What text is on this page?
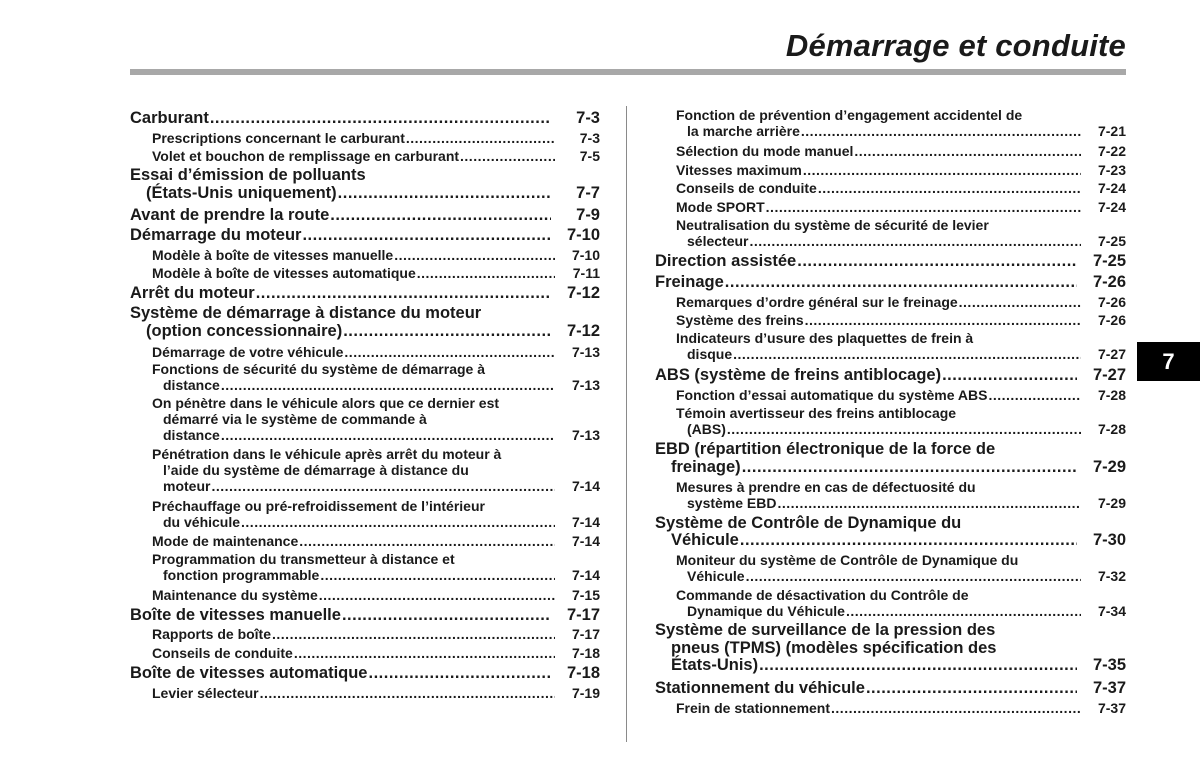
Démarrage et conduite
7
Carburant .....	7-3
Prescriptions concernant le carburant .....	7-3
Volet et bouchon de remplissage en carburant .....	7-5
Essai d’émission de polluants
(États-Unis uniquement) .....	7-7
Avant de prendre la route .....	7-9
Démarrage du moteur .....	7-10
Modèle à boîte de vitesses manuelle .....	7-10
Modèle à boîte de vitesses automatique .....	7-11
Arrêt du moteur .....	7-12
Système de démarrage à distance du moteur
(option concessionnaire) .....	7-12
Démarrage de votre véhicule .....	7-13
Fonctions de sécurité du système de démarrage à
distance .....	7-13
On pénètre dans le véhicule alors que ce dernier est
démarré via le système de commande à
distance .....	7-13
Pénétration dans le véhicule après arrêt du moteur à
l’aide du système de démarrage à distance du
moteur .....	7-14
Préchauffage ou pré-refroidissement de l’intérieur
du véhicule .....	7-14
Mode de maintenance .....	7-14
Programmation du transmetteur à distance et
fonction programmable .....	7-14
Maintenance du système .....	7-15
Boîte de vitesses manuelle .....	7-17
Rapports de boîte .....	7-17
Conseils de conduite .....	7-18
Boîte de vitesses automatique .....	7-18
Levier sélecteur .....	7-19
Fonction de prévention d’engagement accidentel de
la marche arrière .....	7-21
Sélection du mode manuel .....	7-22
Vitesses maximum .....	7-23
Conseils de conduite .....	7-24
Mode SPORT .....	7-24
Neutralisation du système de sécurité de levier
sélecteur .....	7-25
Direction assistée .....	7-25
Freinage .....	7-26
Remarques d’ordre général sur le freinage .....	7-26
Système des freins .....	7-26
Indicateurs d’usure des plaquettes de frein à
disque .....	7-27
ABS (système de freins antiblocage) .....	7-27
Fonction d’essai automatique du système ABS .....	7-28
Témoin avertisseur des freins antiblocage
(ABS) .....	7-28
EBD (répartition électronique de la force de
freinage) .....	7-29
Mesures à prendre en cas de défectuosité du
système EBD .....	7-29
Système de Contrôle de Dynamique du
Véhicule .....	7-30
Moniteur du système de Contrôle de Dynamique du
Véhicule .....	7-32
Commande de désactivation du Contrôle de
Dynamique du Véhicule .....	7-34
Système de surveillance de la pression des
pneus (TPMS) (modèles spécification des
États-Unis) .....	7-35
Stationnement du véhicule .....	7-37
Frein de stationnement .....	7-37
